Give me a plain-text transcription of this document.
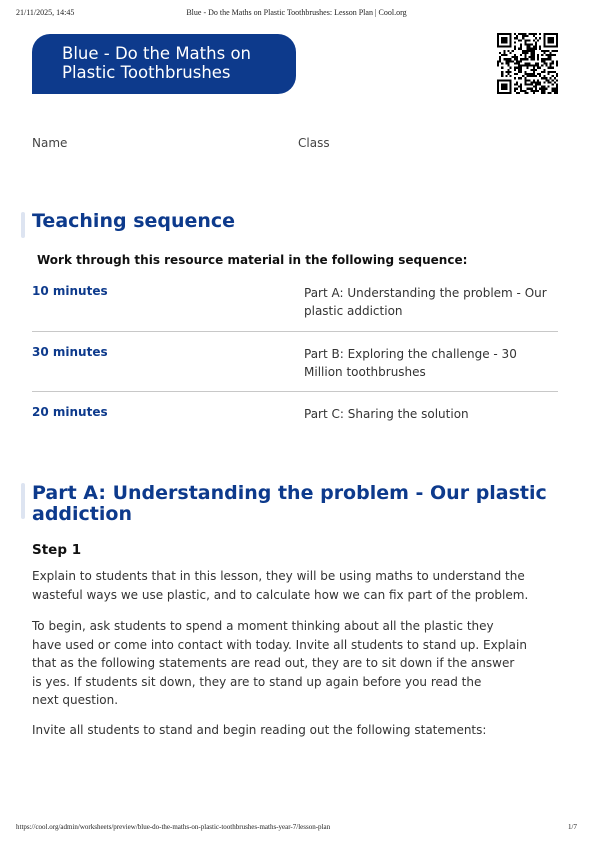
21/11/2025, 14:45	Blue - Do the Maths on Plastic Toothbrushes: Lesson Plan | Cool.org
Blue - Do the Maths on
Plastic Toothbrushes
Name	Class
Teaching sequence
Work through this resource material in the following sequence:
10 minutes	Part A: Understanding the problem - Our
plastic addiction
30 minutes	Part B: Exploring the challenge - 30
Million toothbrushes
20 minutes	Part C: Sharing the solution
Part A: Understanding the problem - Our plastic
addiction
Step 1
Explain to students that in this lesson, they will be using maths to understand the
wasteful ways we use plastic, and to calculate how we can fix part of the problem.
To begin, ask students to spend a moment thinking about all the plastic they
have used or come into contact with today. Invite all students to stand up. Explain
that as the following statements are read out, they are to sit down if the answer
is yes. If students sit down, they are to stand up again before you read the
next question.
Invite all students to stand and begin reading out the following statements:
https://cool.org/admin/worksheets/preview/blue-do-the-maths-on-plastic-toothbrushes-maths-year-7/lesson-plan	1/7
